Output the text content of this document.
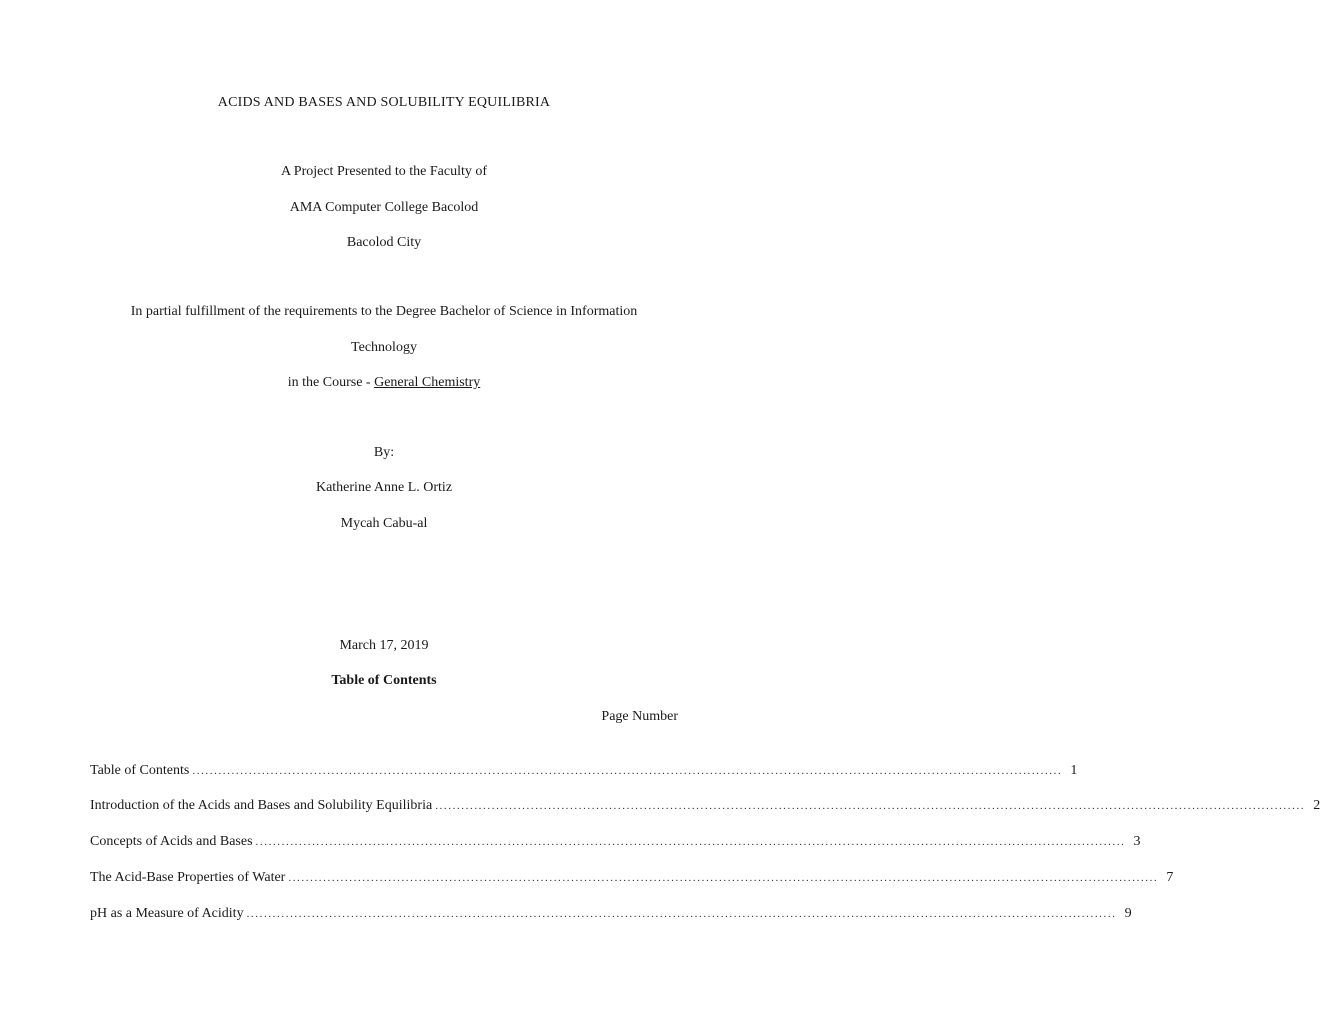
ACIDS AND BASES AND SOLUBILITY EQUILIBRIA
A Project Presented to the Faculty of
AMA Computer College Bacolod
Bacolod City
In partial fulfillment of the requirements to the Degree Bachelor of Science in Information
Technology
in the Course - General Chemistry
By:
Katherine Anne L. Ortiz
Mycah Cabu-al
March 17, 2019
Table of Contents
Page Number
Table of Contents ........................................................................................................................................................................................................ 1
Introduction of the Acids and Bases and Solubility Equilibria ........................................................................................................................................................................................................ 2
Concepts of Acids and Bases ........................................................................................................................................................................................................ 3
The Acid-Base Properties of Water ........................................................................................................................................................................................................ 7
pH as a Measure of Acidity ........................................................................................................................................................................................................ 9
